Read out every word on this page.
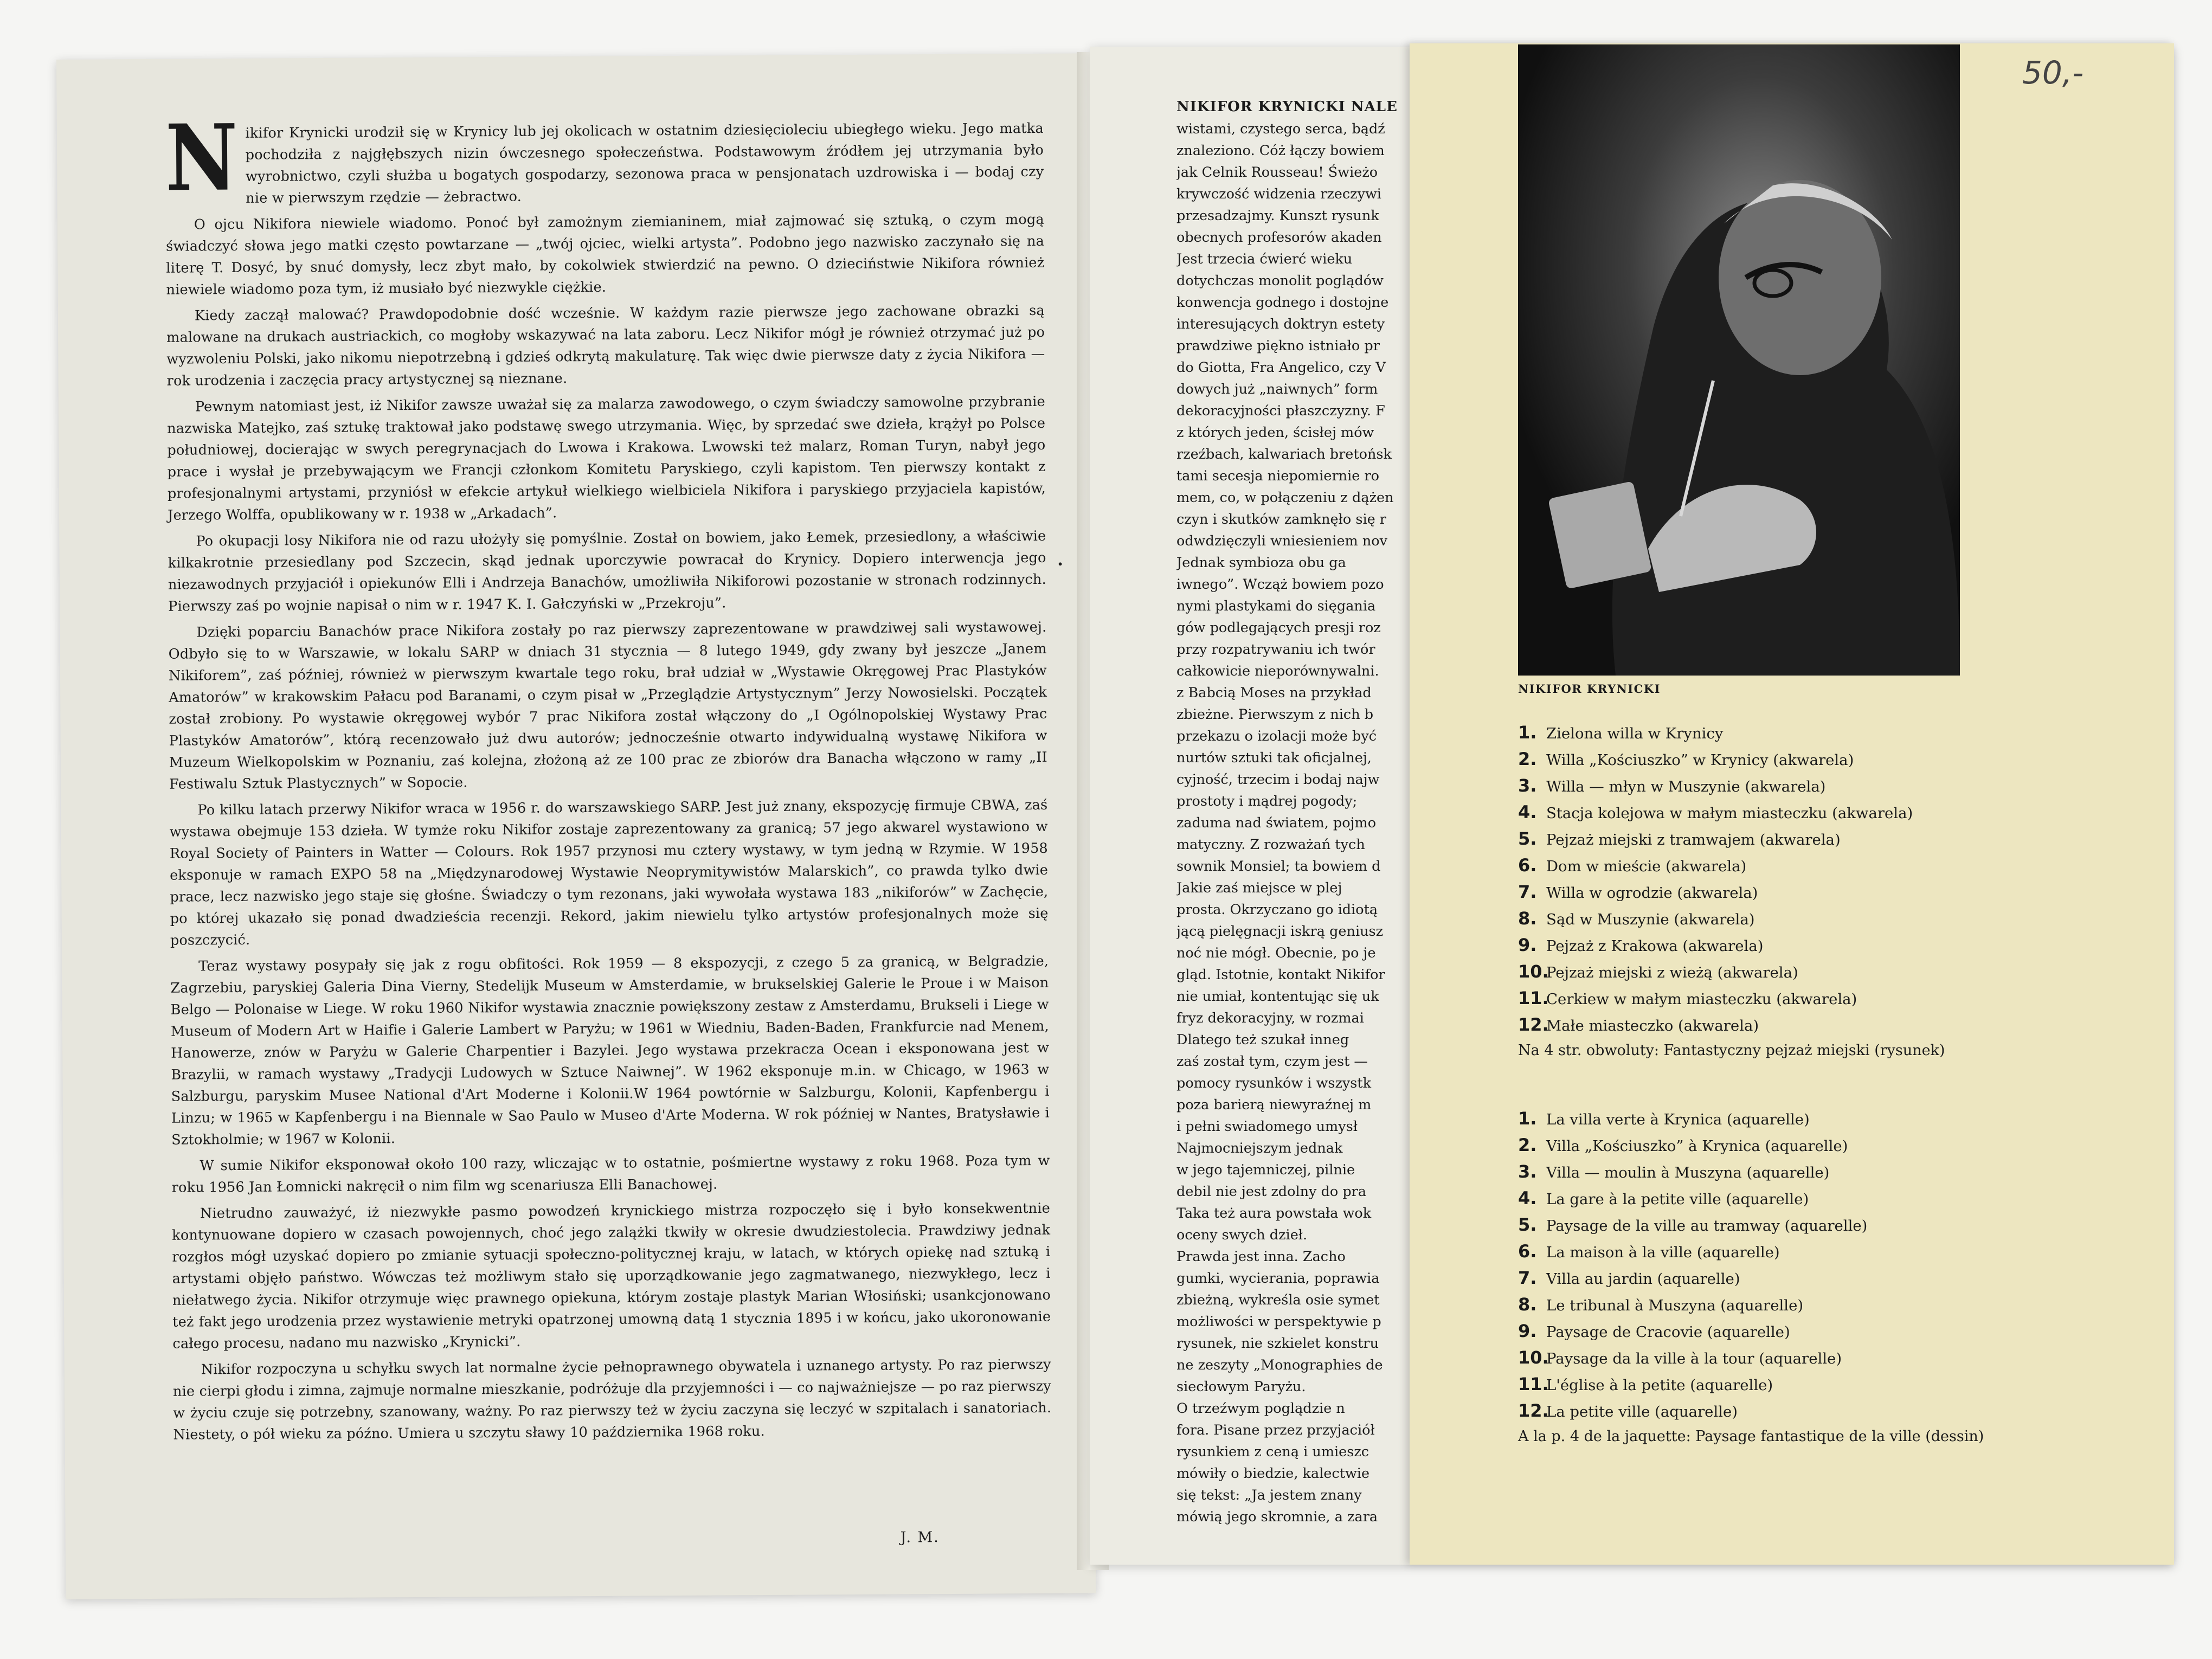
Nikifor Krynicki urodził się w Krynicy lub jej okolicach w ostatnim dziesięcioleciu ubiegłego wieku. Jego matka pochodziła z najgłębszych nizin ówczesnego społeczeństwa. Podstawowym źródłem jej utrzymania było wyrobnictwo, czyli służba u bogatych gospodarzy, sezonowa praca w pensjonatach uzdrowiska i — bodaj czy nie w pierwszym rzędzie — żebractwo.

O ojcu Nikifora niewiele wiadomo. Ponoć był zamożnym ziemianinem, miał zajmować się sztuką, o czym mogą świadczyć słowa jego matki często powtarzane — „twój ojciec, wielki artysta”. Podobno jego nazwisko zaczynało się na literę T. Dosyć, by snuć domysły, lecz zbyt mało, by cokolwiek stwierdzić na pewno. O dzieciństwie Nikifora również niewiele wiadomo poza tym, iż musiało być niezwykle ciężkie.

Kiedy zaczął malować? Prawdopodobnie dość wcześnie. W każdym razie pierwsze jego zachowane obrazki są malowane na drukach austriackich, co mogłoby wskazywać na lata zaboru. Lecz Nikifor mógł je również otrzymać już po wyzwoleniu Polski, jako nikomu niepotrzebną i gdzieś odkrytą makulaturę. Tak więc dwie pierwsze daty z życia Nikifora — rok urodzenia i zaczęcia pracy artystycznej są nieznane.

Pewnym natomiast jest, iż Nikifor zawsze uważał się za malarza zawodowego, o czym świadczy samowolne przybranie nazwiska Matejko, zaś sztukę traktował jako podstawę swego utrzymania. Więc, by sprzedać swe dzieła, krążył po Polsce południowej, docierając w swych peregrynacjach do Lwowa i Krakowa. Lwowski też malarz, Roman Turyn, nabył jego prace i wysłał je przebywającym we Francji członkom Komitetu Paryskiego, czyli kapistom. Ten pierwszy kontakt z profesjonalnymi artystami, przyniósł w efekcie artykuł wielkiego wielbiciela Nikifora i paryskiego przyjaciela kapistów, Jerzego Wolffa, opublikowany w r. 1938 w „Arkadach”.

Po okupacji losy Nikifora nie od razu ułożyły się pomyślnie. Został on bowiem, jako Łemek, przesiedlony, a właściwie kilkakrotnie przesiedlany pod Szczecin, skąd jednak uporczywie powracał do Krynicy. Dopiero interwencja jego niezawodnych przyjaciół i opiekunów Elli i Andrzeja Banachów, umożliwiła Nikiforowi pozostanie w stronach rodzinnych. Pierwszy zaś po wojnie napisał o nim w r. 1947 K. I. Gałczyński w „Przekroju”.

Dzięki poparciu Banachów prace Nikifora zostały po raz pierwszy zaprezentowane w prawdziwej sali wystawowej. Odbyło się to w Warszawie, w lokalu SARP w dniach 31 stycznia — 8 lutego 1949, gdy zwany był jeszcze „Janem Nikiforem”, zaś później, również w pierwszym kwartale tego roku, brał udział w „Wystawie Okręgowej Prac Plastyków Amatorów” w krakowskim Pałacu pod Baranami, o czym pisał w „Przeglądzie Artystycznym” Jerzy Nowosielski. Początek został zrobiony. Po wystawie okręgowej wybór 7 prac Nikifora został włączony do „I Ogólnopolskiej Wystawy Prac Plastyków Amatorów”, którą recenzowało już dwu autorów; jednocześnie otwarto indywidualną wystawę Nikifora w Muzeum Wielkopolskim w Poznaniu, zaś kolejna, złożoną aż ze 100 prac ze zbiorów dra Banacha włączono w ramy „II Festiwalu Sztuk Plastycznych” w Sopocie.

Po kilku latach przerwy Nikifor wraca w 1956 r. do warszawskiego SARP. Jest już znany, ekspozycję firmuje CBWA, zaś wystawa obejmuje 153 dzieła. W tymże roku Nikifor zostaje zaprezentowany za granicą; 57 jego akwarel wystawiono w Royal Society of Painters in Watter — Colours. Rok 1957 przynosi mu cztery wystawy, w tym jedną w Rzymie. W 1958 eksponuje w ramach EXPO 58 na „Międzynarodowej Wystawie Neoprymitywistów Malarskich”, co prawda tylko dwie prace, lecz nazwisko jego staje się głośne. Świadczy o tym rezonans, jaki wywołała wystawa 183 „nikiforów” w Zachęcie, po której ukazało się ponad dwadzieścia recenzji. Rekord, jakim niewielu tylko artystów profesjonalnych może się poszczycić.

Teraz wystawy posypały się jak z rogu obfitości. Rok 1959 — 8 ekspozycji, z czego 5 za granicą, w Belgradzie, Zagrzebiu, paryskiej Galeria Dina Vierny, Stedelijk Museum w Amsterdamie, w brukselskiej Galerie le Proue i w Maison Belgo — Polonaise w Liege. W roku 1960 Nikifor wystawia znacznie powiększony zestaw z Amsterdamu, Brukseli i Liege w Museum of Modern Art w Haifie i Galerie Lambert w Paryżu; w 1961 w Wiedniu, Baden-Baden, Frankfurcie nad Menem, Hanowerze, znów w Paryżu w Galerie Charpentier i Bazylei. Jego wystawa przekracza Ocean i eksponowana jest w Brazylii, w ramach wystawy „Tradycji Ludowych w Sztuce Naiwnej”. W 1962 eksponuje m.in. w Chicago, w 1963 w Salzburgu, paryskim Musee National d'Art Moderne i Kolonii.W 1964 powtórnie w Salzburgu, Kolonii, Kapfenbergu i Linzu; w 1965 w Kapfenbergu i na Biennale w Sao Paulo w Museo d'Arte Moderna. W rok później w Nantes, Bratysławie i Sztokholmie; w 1967 w Kolonii.

W sumie Nikifor eksponował około 100 razy, wliczając w to ostatnie, pośmiertne wystawy z roku 1968. Poza tym w roku 1956 Jan Łomnicki nakręcił o nim film wg scenariusza Elli Banachowej.

Nietrudno zauważyć, iż niezwykłe pasmo powodzeń krynickiego mistrza rozpoczęło się i było konsekwentnie kontynuowane dopiero w czasach powojennych, choć jego zalążki tkwiły w okresie dwudziestolecia. Prawdziwy jednak rozgłos mógł uzyskać dopiero po zmianie sytuacji społeczno-politycznej kraju, w latach, w których opiekę nad sztuką i artystami objęło państwo. Wówczas też możliwym stało się uporządkowanie jego zagmatwanego, niezwykłego, lecz i niełatwego życia. Nikifor otrzymuje więc prawnego opiekuna, którym zostaje plastyk Marian Włosiński; usankcjonowano też fakt jego urodzenia przez wystawienie metryki opatrzonej umowną datą 1 stycznia 1895 i w końcu, jako ukoronowanie całego procesu, nadano mu nazwisko „Krynicki”.

Nikifor rozpoczyna u schyłku swych lat normalne życie pełnoprawnego obywatela i uznanego artysty. Po raz pierwszy nie cierpi głodu i zimna, zajmuje normalne mieszkanie, podróżuje dla przyjemności i — co najważniejsze — po raz pierwszy w życiu czuje się potrzebny, szanowany, ważny. Po raz pierwszy też w życiu zaczyna się leczyć w szpitalach i sanatoriach. Niestety, o pół wieku za późno. Umiera u szczytu sławy 10 października 1968 roku.

•
J. M.
NIKIFOR KRYNICKI NALE
wistami, czystego serca, bądź
znaleziono. Cóż łączy bowiem
jak Celnik Rousseau! Świeżo
krywczość widzenia rzeczywi
przesadzajmy. Kunszt rysunk
obecnych profesorów akaden
Jest trzecia ćwierć wieku
dotychczas monolit poglądów
konwencja godnego i dostojne
interesujących doktryn estety
prawdziwe piękno istniało pr
do Giotta, Fra Angelico, czy V
dowych już „naiwnych” form
dekoracyjności płaszczyzny. F
z których jeden, ścisłej mów
rzeźbach, kalwariach bretońsk
tami secesja niepomiernie ro
mem, co, w połączeniu z dążen
czyn i skutków zamknęło się r
odwdzięczyli wniesieniem nov
Jednak symbioza obu ga
iwnego”. Wcząż bowiem pozo
nymi plastykami do sięgania
gów podlegających presji roz
przy rozpatrywaniu ich twór
całkowicie nieporównywalni.
z Babcią Moses na przykład
zbieżne. Pierwszym z nich b
przekazu o izolacji może być
nurtów sztuki tak oficjalnej,
cyjność, trzecim i bodaj najw
prostoty i mądrej pogody;
zaduma nad światem, pojmo
matyczny. Z rozważań tych
sownik Monsiel; ta bowiem d
Jakie zaś miejsce w plej
prosta. Okrzyczano go idiotą
jącą pielęgnacji iskrą geniusz
noć nie mógł. Obecnie, po je
gląd. Istotnie, kontakt Nikifor
nie umiał, kontentując się uk
fryz dekoracyjny, w rozmai
Dlatego też szukał inneg
zaś został tym, czym jest —
pomocy rysunków i wszystk
poza barierą niewyraźnej m
i pełni swiadomego umysł
Najmocniejszym jednak
w jego tajemniczej, pilnie
debil nie jest zdolny do pra
Taka też aura powstała wok
oceny swych dzieł.
Prawda jest inna. Zacho
gumki, wycierania, poprawia
zbieżną, wykreśla osie symet
możliwości w perspektywie p
rysunek, nie szkielet konstru
ne zeszyty „Monographies de
siecłowym Paryżu.
O trzeźwym poglądzie n
fora. Pisane przez przyjaciół
rysunkiem z ceną i umieszc
mówiły o biedzie, kalectwie
się tekst: „Ja jestem znany
mówią jego skromnie, a zara
50,-
NIKIFOR KRYNICKI
1. Zielona willa w Krynicy
2. Willa „Kościuszko” w Krynicy (akwarela)
3. Willa — młyn w Muszynie (akwarela)
4. Stacja kolejowa w małym miasteczku (akwarela)
5. Pejzaż miejski z tramwajem (akwarela)
6. Dom w mieście (akwarela)
7. Willa w ogrodzie (akwarela)
8. Sąd w Muszynie (akwarela)
9. Pejzaż z Krakowa (akwarela)
10.Pejzaż miejski z wieżą (akwarela)
11.Cerkiew w małym miasteczku (akwarela)
12.Małe miasteczko (akwarela)
Na 4 str. obwoluty: Fantastyczny pejzaż miejski (rysunek)
1. La villa verte à Krynica (aquarelle)
2. Villa „Kościuszko” à Krynica (aquarelle)
3. Villa — moulin à Muszyna (aquarelle)
4. La gare à la petite ville (aquarelle)
5. Paysage de la ville au tramway (aquarelle)
6. La maison à la ville (aquarelle)
7. Villa au jardin (aquarelle)
8. Le tribunal à Muszyna (aquarelle)
9. Paysage de Cracovie (aquarelle)
10.Paysage da la ville à la tour (aquarelle)
11.L'église à la petite (aquarelle)
12.La petite ville (aquarelle)
A la p. 4 de la jaquette: Paysage fantastique de la ville (dessin)
